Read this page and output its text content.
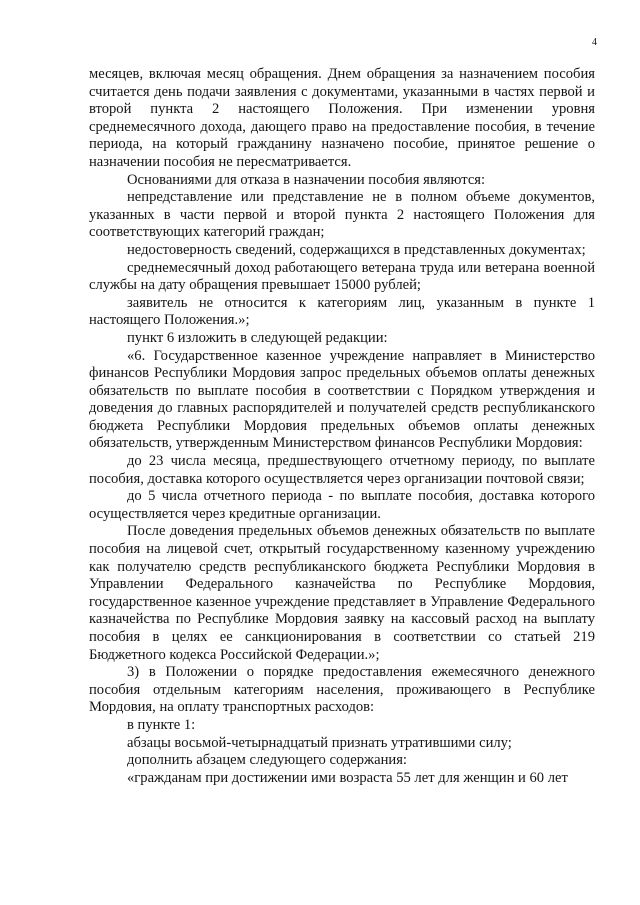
4

месяцев, включая месяц обращения. Днем обращения за назначением пособия считается день подачи заявления с документами, указанными в частях первой и второй пункта 2 настоящего Положения. При изменении уровня среднемесячного дохода, дающего право на предоставление пособия, в течение периода, на который гражданину назначено пособие, принятое решение о назначении пособия не пересматривается.

Основаниями для отказа в назначении пособия являются:

непредставление или представление не в полном объеме документов, указанных в части первой и второй пункта 2 настоящего Положения для соответствующих категорий граждан;

недостоверность сведений, содержащихся в представленных документах;

среднемесячный доход работающего ветерана труда или ветерана военной службы на дату обращения превышает 15000 рублей;

заявитель не относится к категориям лиц, указанным в пункте 1 настоящего Положения.»;

пункт 6 изложить в следующей редакции:

«6. Государственное казенное учреждение направляет в Министерство финансов Республики Мордовия запрос предельных объемов оплаты денежных обязательств по выплате пособия в соответствии с Порядком утверждения и доведения до главных распорядителей и получателей средств республиканского бюджета Республики Мордовия предельных объемов оплаты денежных обязательств, утвержденным Министерством финансов Республики Мордовия:

до 23 числа месяца, предшествующего отчетному периоду, по выплате пособия, доставка которого осуществляется через организации почтовой связи;

до 5 числа отчетного периода - по выплате пособия, доставка которого осуществляется через кредитные организации.

После доведения предельных объемов денежных обязательств по выплате пособия на лицевой счет, открытый государственному казенному учреждению как получателю средств республиканского бюджета Республики Мордовия в Управлении Федерального казначейства по Республике Мордовия, государственное казенное учреждение представляет в Управление Федерального казначейства по Республике Мордовия заявку на кассовый расход на выплату пособия в целях ее санкционирования в соответствии со статьей 219 Бюджетного кодекса Российской Федерации.»;

3) в Положении о порядке предоставления ежемесячного денежного пособия отдельным категориям населения, проживающего в Республике Мордовия, на оплату транспортных расходов:

в пункте 1:

абзацы восьмой-четырнадцатый признать утратившими силу;

дополнить абзацем следующего содержания:

«гражданам при достижении ими возраста 55 лет для женщин и 60 лет
